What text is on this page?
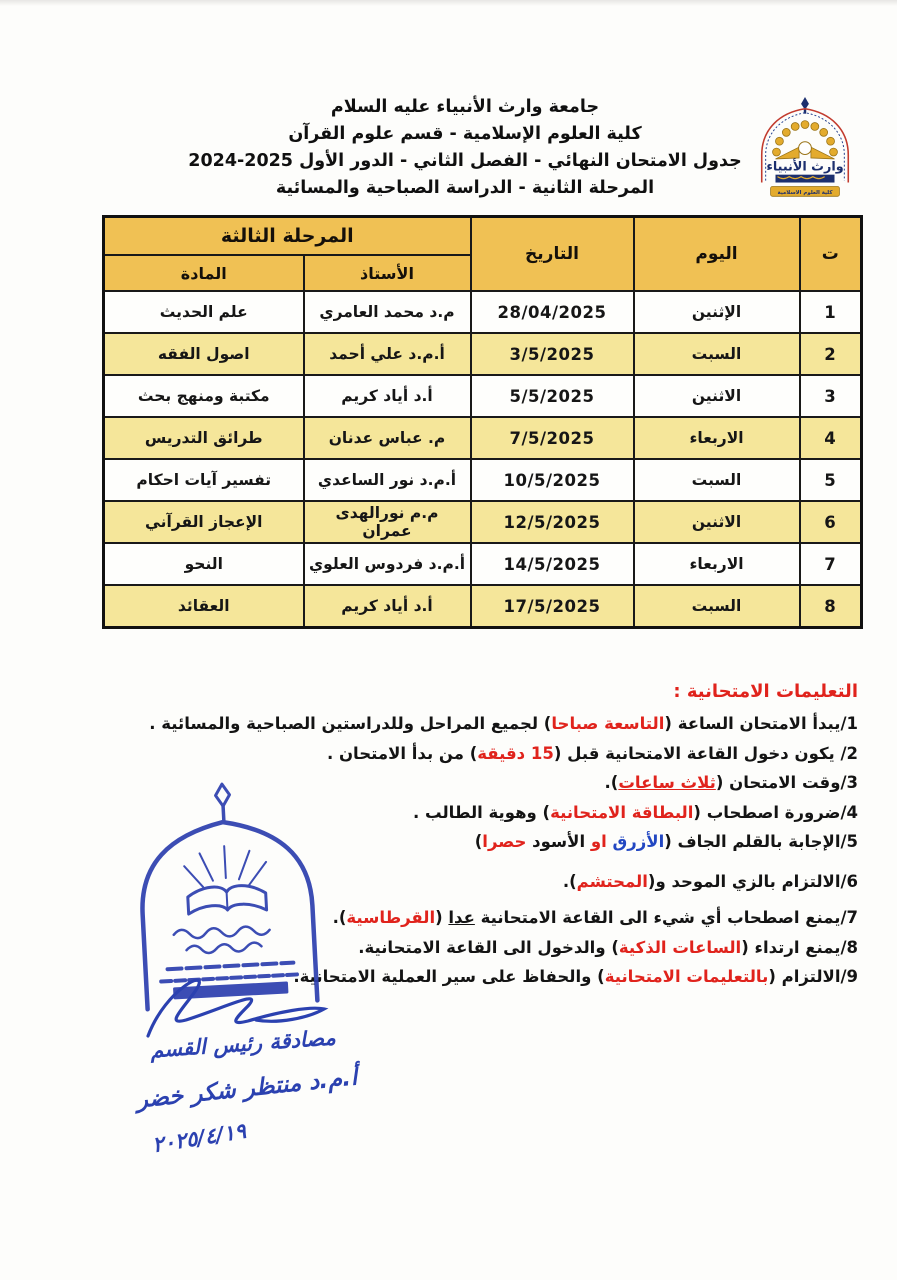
جامعة وارث الأنبياء عليه السلام
كلية العلوم الإسلامية - قسم علوم القرآن
جدول الامتحان النهائي - الفصل الثاني - الدور الأول 2025-2024
المرحلة الثانية - الدراسة الصباحية والمسائية
وارث الأنبياء
كلية العلوم الاسلامية
ت	اليوم	التاريخ	المرحلة الثالثة	
			الأستاذ	المادة
1	الإثنين	28/04/2025	م.د محمد العامري	علم الحديث
2	السبت	3/5/2025	أ.م.د علي أحمد	اصول الفقه
3	الاثنين	5/5/2025	أ.د أياد كريم	مكتبة ومنهج بحث
4	الاربعاء	7/5/2025	م. عباس عدنان	طرائق التدريس
5	السبت	10/5/2025	أ.م.د نور الساعدي	تفسير آيات احكام
6	الاثنين	12/5/2025	م.م نورالهدى عمران	الإعجاز القرآني
7	الاربعاء	14/5/2025	أ.م.د فردوس العلوي	النحو
8	السبت	17/5/2025	أ.د أياد كريم	العقائد
التعليمات الامتحانية :
1/يبدأ الامتحان الساعة (التاسعة صباحا) لجميع المراحل وللدراستين الصباحية والمسائية .
2/ يكون دخول القاعة الامتحانية قبل (15 دقيقة) من بدأ الامتحان .
3/وقت الامتحان (ثلاث ساعات).
4/ضرورة اصطحاب (البطاقة الامتحانية) وهوية الطالب .
5/الإجابة بالقلم الجاف (الأزرق او الأسود حصرا)
6/الالتزام بالزي الموحد و(المحتشم).
7/يمنع اصطحاب أي شيء الى القاعة الامتحانية عدا (القرطاسية).
8/يمنع ارتداء (الساعات الذكية) والدخول الى القاعة الامتحانية.
9/الالتزام (بالتعليمات الامتحانية) والحفاظ على سير العملية الامتحانية.
مصادقة رئيس القسم
أ.م.د منتظر شكر خضر
٢٠٢٥/٤/١٩
